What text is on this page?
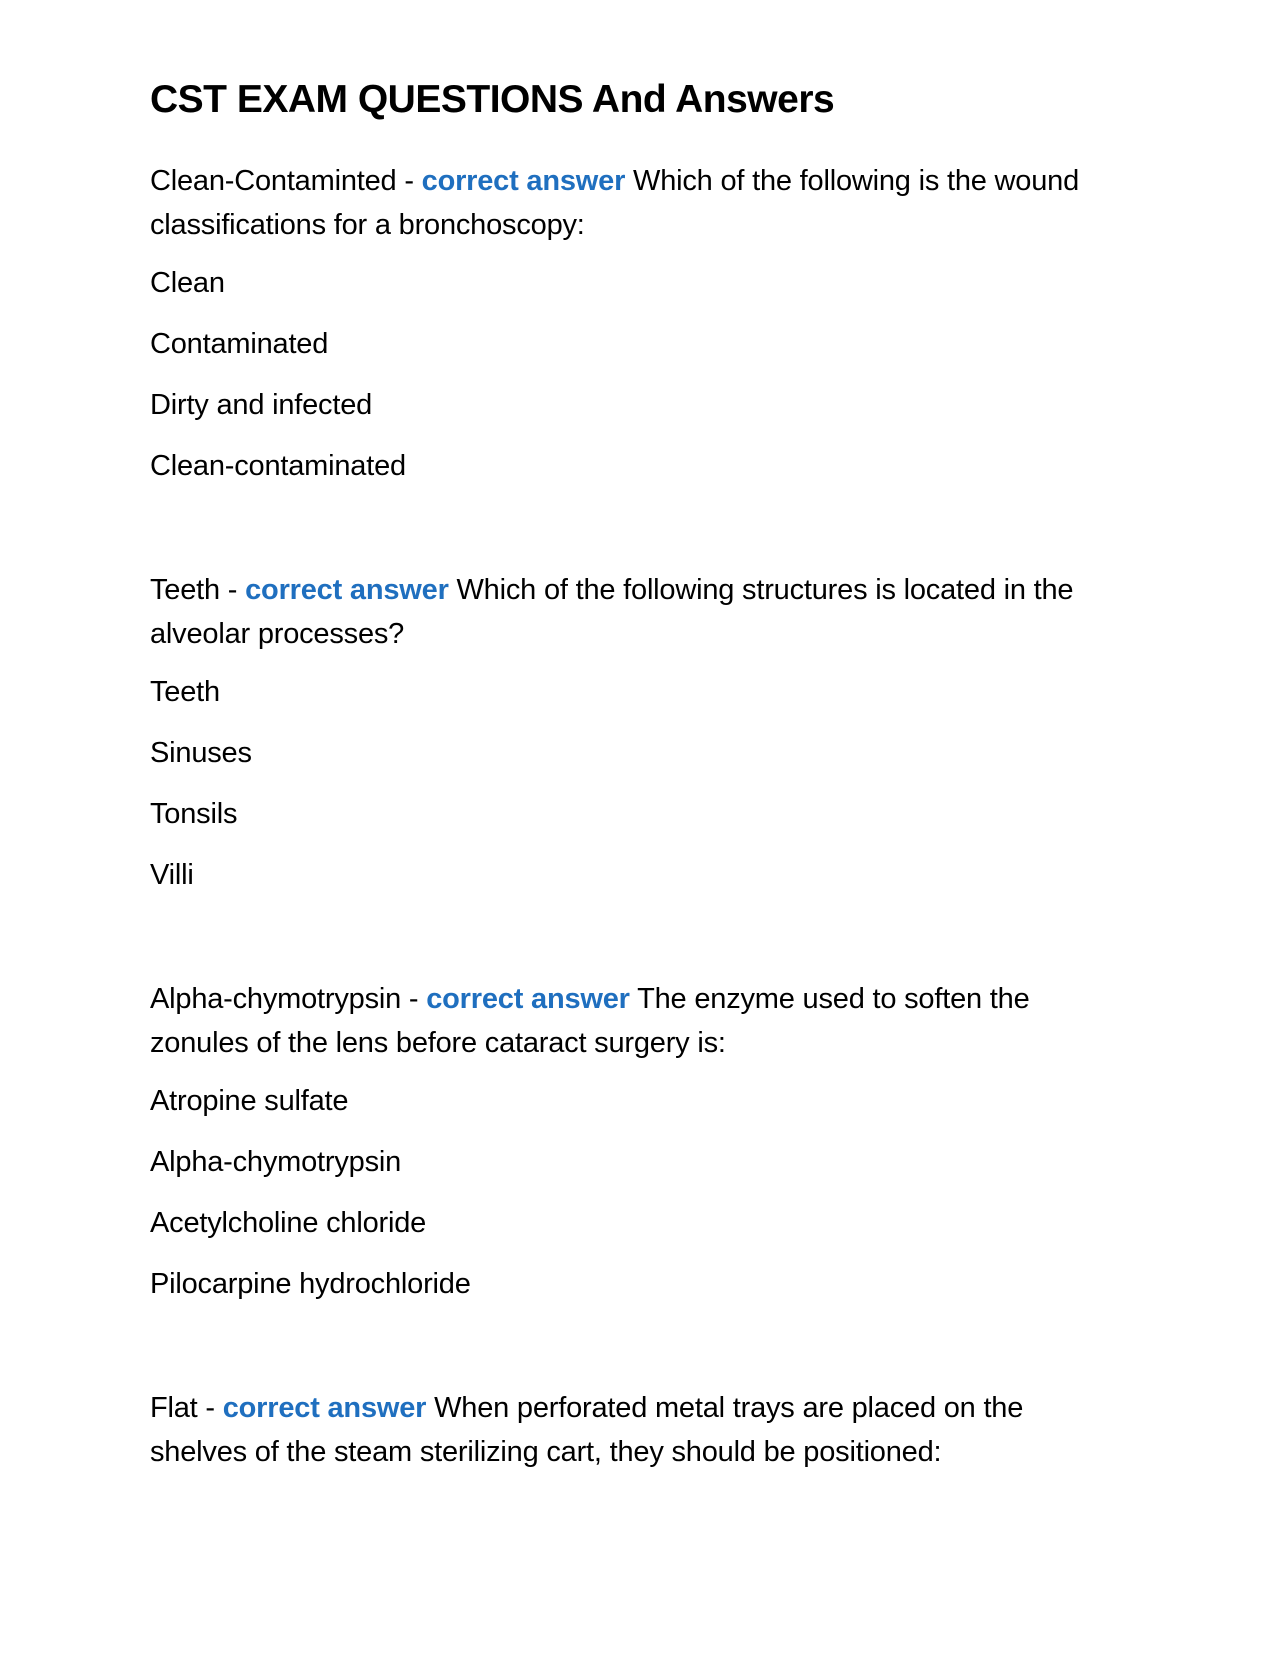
CST EXAM QUESTIONS And Answers

Clean-Contaminted - correct answer Which of the following is the wound classifications for a bronchoscopy:

Clean

Contaminated

Dirty and infected

Clean-contaminated

Teeth - correct answer Which of the following structures is located in the alveolar processes?

Teeth

Sinuses

Tonsils

Villi

Alpha-chymotrypsin - correct answer The enzyme used to soften the zonules of the lens before cataract surgery is:

Atropine sulfate

Alpha-chymotrypsin

Acetylcholine chloride

Pilocarpine hydrochloride

Flat - correct answer When perforated metal trays are placed on the shelves of the steam sterilizing cart, they should be positioned:
